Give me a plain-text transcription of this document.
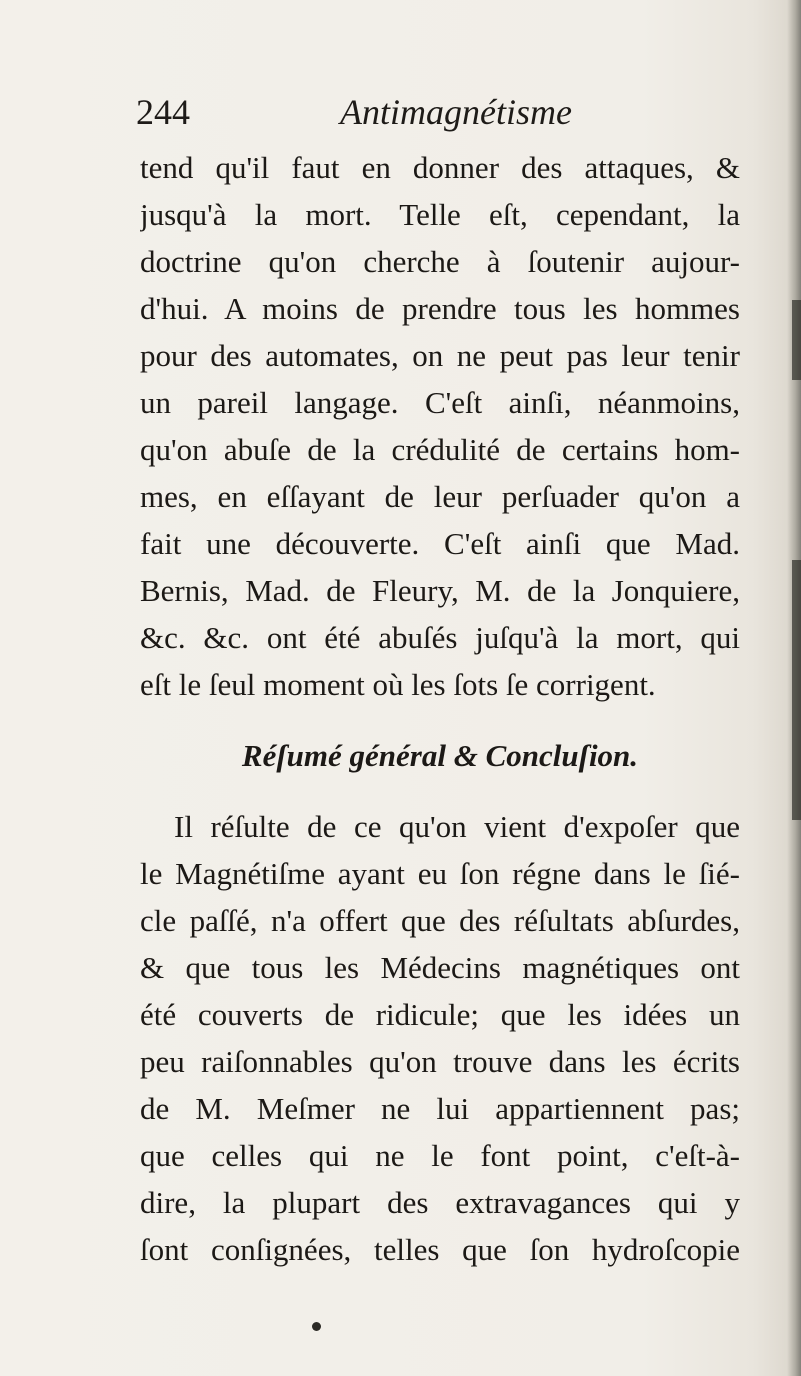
244	Antimagnétisme
tend qu'il faut en donner des attaques, &
jusqu'à la mort. Telle eſt, cependant, la
doctrine qu'on cherche à ſoutenir aujour-
d'hui. A moins de prendre tous les hommes
pour des automates, on ne peut pas leur tenir
un pareil langage. C'eſt ainſi, néanmoins,
qu'on abuſe de la crédulité de certains hom-
mes, en eſſayant de leur perſuader qu'on a
fait une découverte. C'eſt ainſi que Mad.
Bernis, Mad. de Fleury, M. de la Jonquiere,
&c. &c. ont été abuſés juſqu'à la mort, qui
eſt le ſeul moment où les ſots ſe corrigent.
Réſumé général & Concluſion.
Il réſulte de ce qu'on vient d'expoſer que
le Magnétiſme ayant eu ſon régne dans le ſié-
cle paſſé, n'a offert que des réſultats abſurdes,
& que tous les Médecins magnétiques ont
été couverts de ridicule; que les idées un
peu raiſonnables qu'on trouve dans les écrits
de M. Meſmer ne lui appartiennent pas;
que celles qui ne le font point, c'eſt-à-
dire, la plupart des extravagances qui y
ſont conſignées, telles que ſon hydroſcopie
